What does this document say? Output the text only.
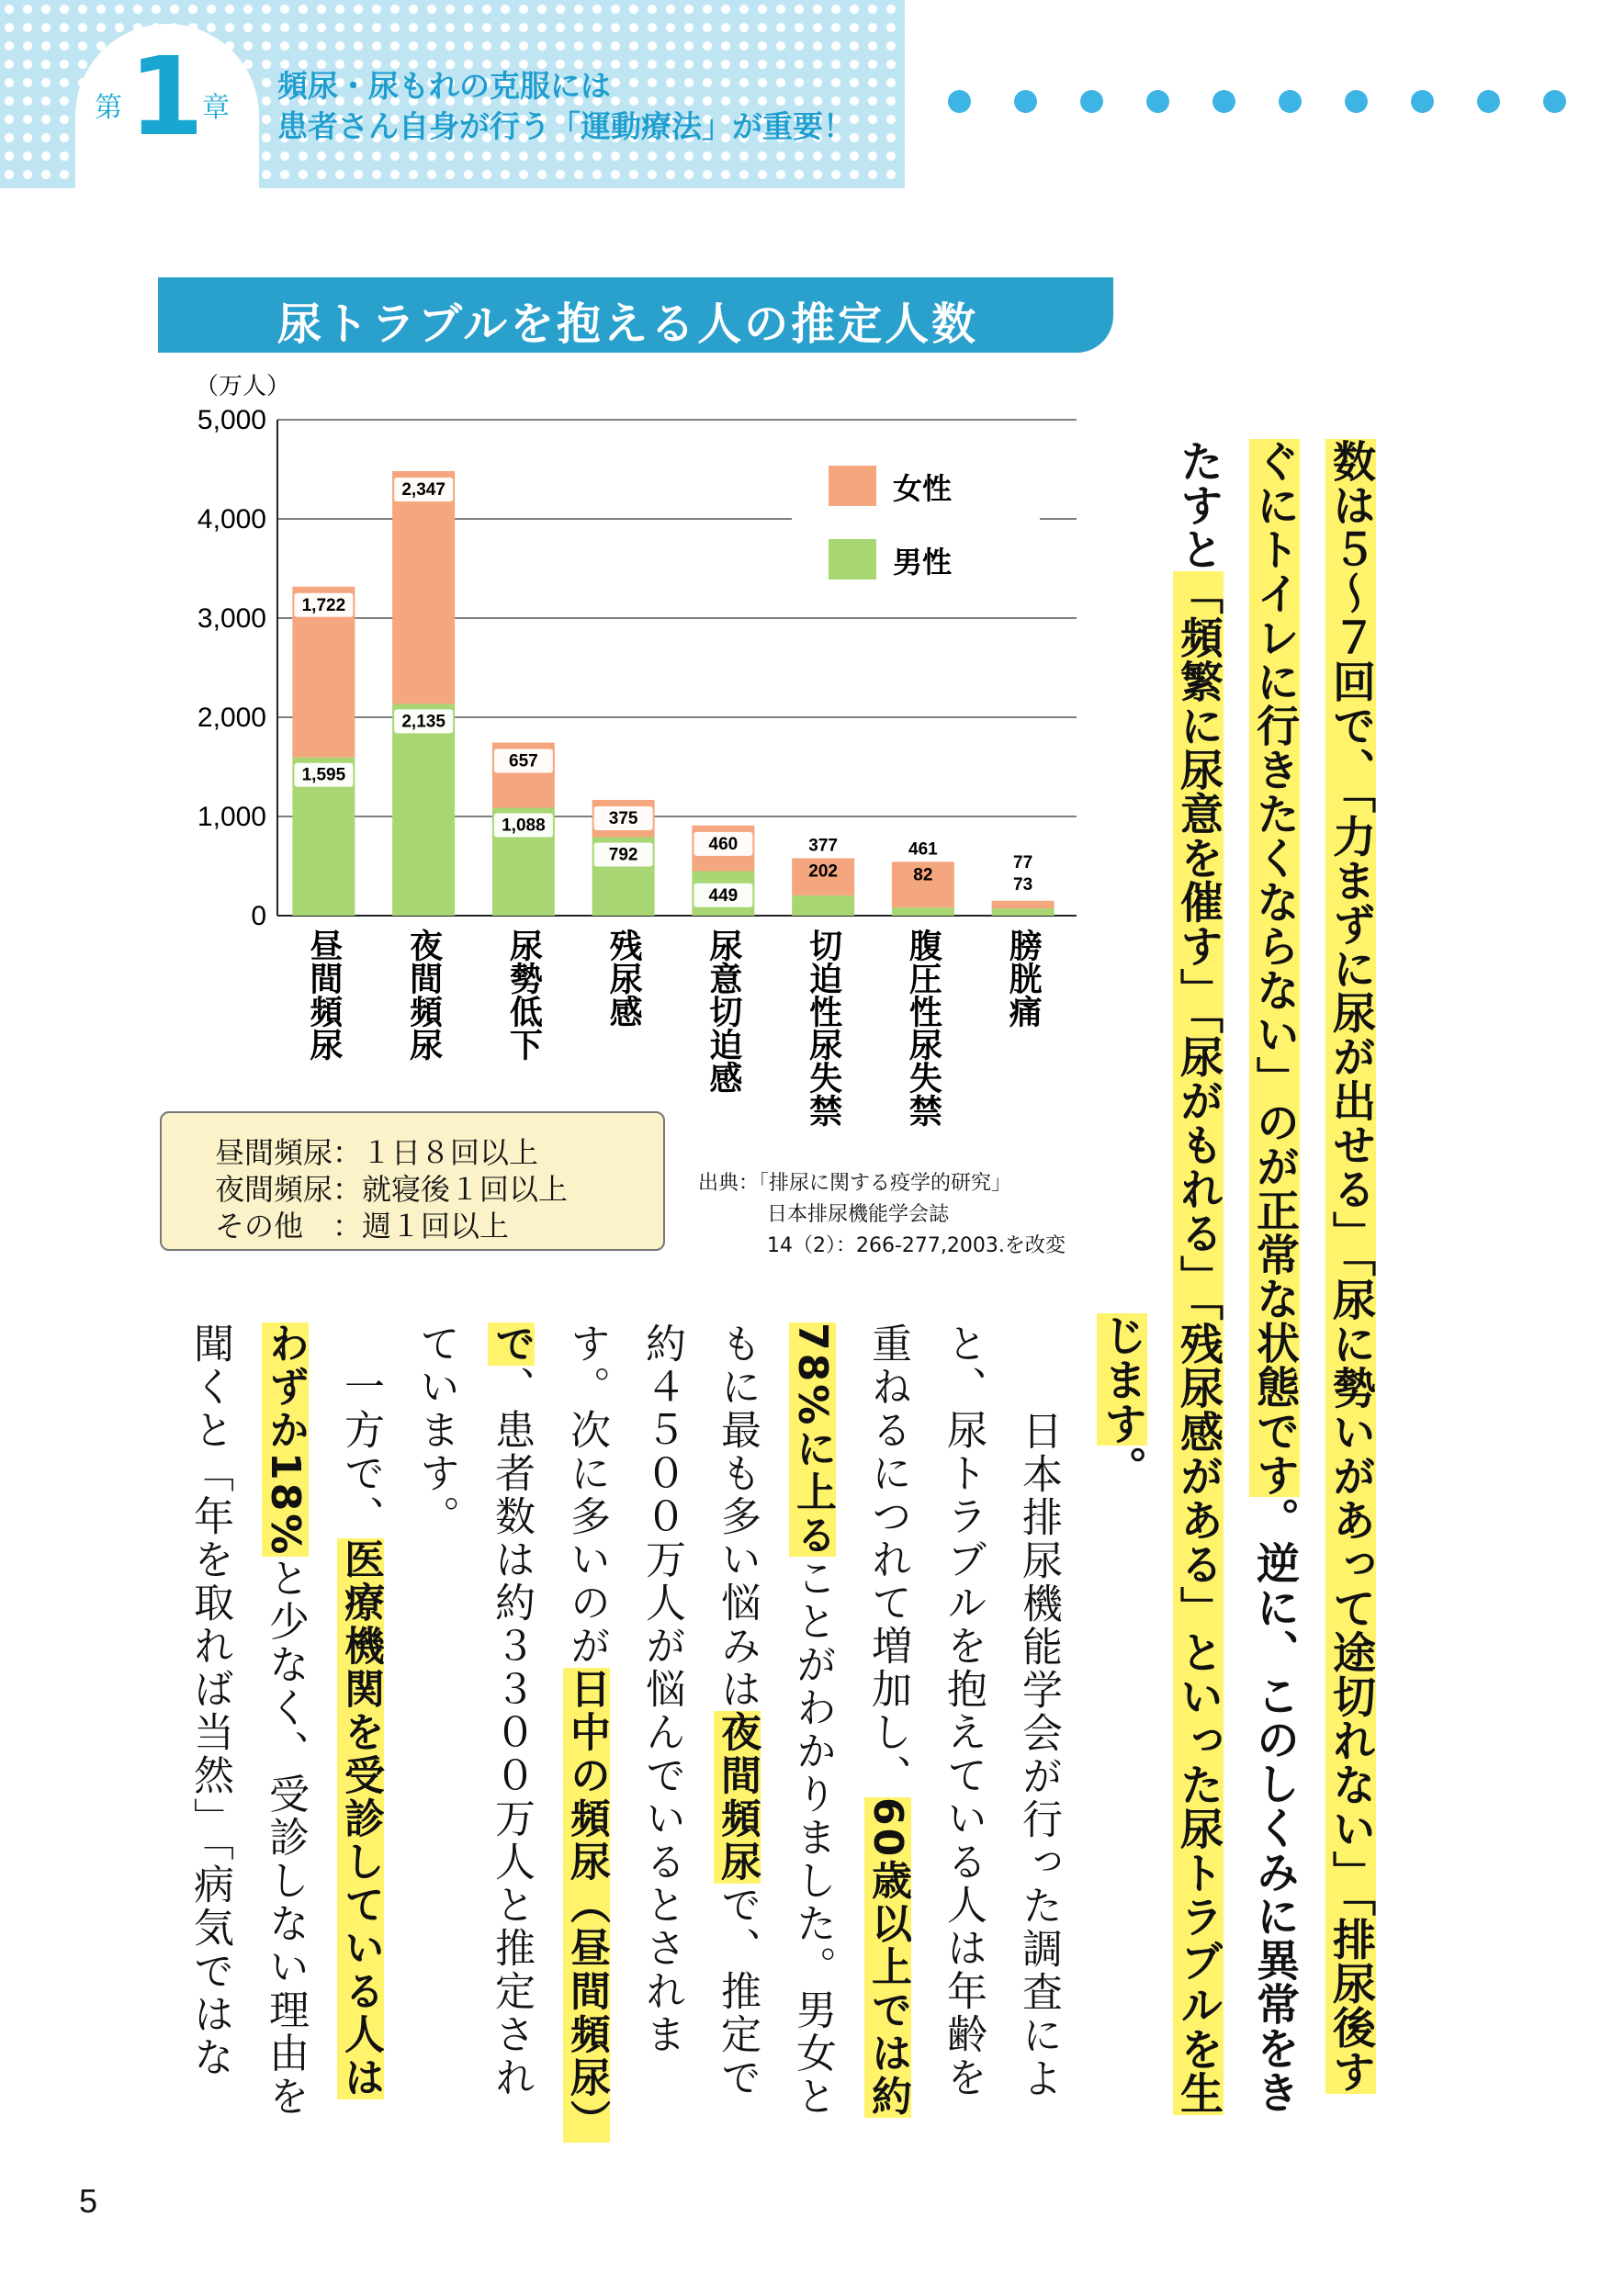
第 1
章
頻尿・尿もれの克服には
患者さん自身が行う「運動療法」が重要！
尿トラブルを抱える人の推定人数
（万人）
0
1,000
2,000
3,000
4,000
5,000
1,595
1,722
昼間頻尿
2,135
2,347
夜間頻尿
1,088
657
尿勢低下
792
375
残尿感
449
460
尿意切迫感
377
202
切迫性尿失禁
461
82
腹圧性尿失禁
77
73
膀胱痛
女性
男性
昼間頻尿：１日８回以上
夜間頻尿：就寝後１回以上
その他　：週１回以上
出典：「排尿に関する疫学的研究」
日本排尿機能学会誌
14（2）：266-277,2003.を改変	数は５〜７回で、「力まずに尿が出せる」「尿に勢いがあって途切れない」「排尿後す
ぐにトイレに行きたくならない」のが正常な状態です。逆に、このしくみに異常をき
たすと「頻繁に尿意を催す」「尿がもれる」「残尿感がある」といった尿トラブルを生
じます。
　日本排尿機能学会が行った調査によ
と、尿トラブルを抱えている人は年齢を
重ねるにつれて増加し、60歳以上では約
78%に上ることがわかりました。男女と
もに最も多い悩みは夜間頻尿で、推定で
約４５００万人が悩んでいるとされま
す。次に多いのが日中の頻尿（昼間頻尿）
で、患者数は約３３００万人と推定され
ています。
　一方で、医療機関を受診している人は
わずか18%と少なく、受診しない理由を
聞くと「年を取れば当然」「病気ではな
5
